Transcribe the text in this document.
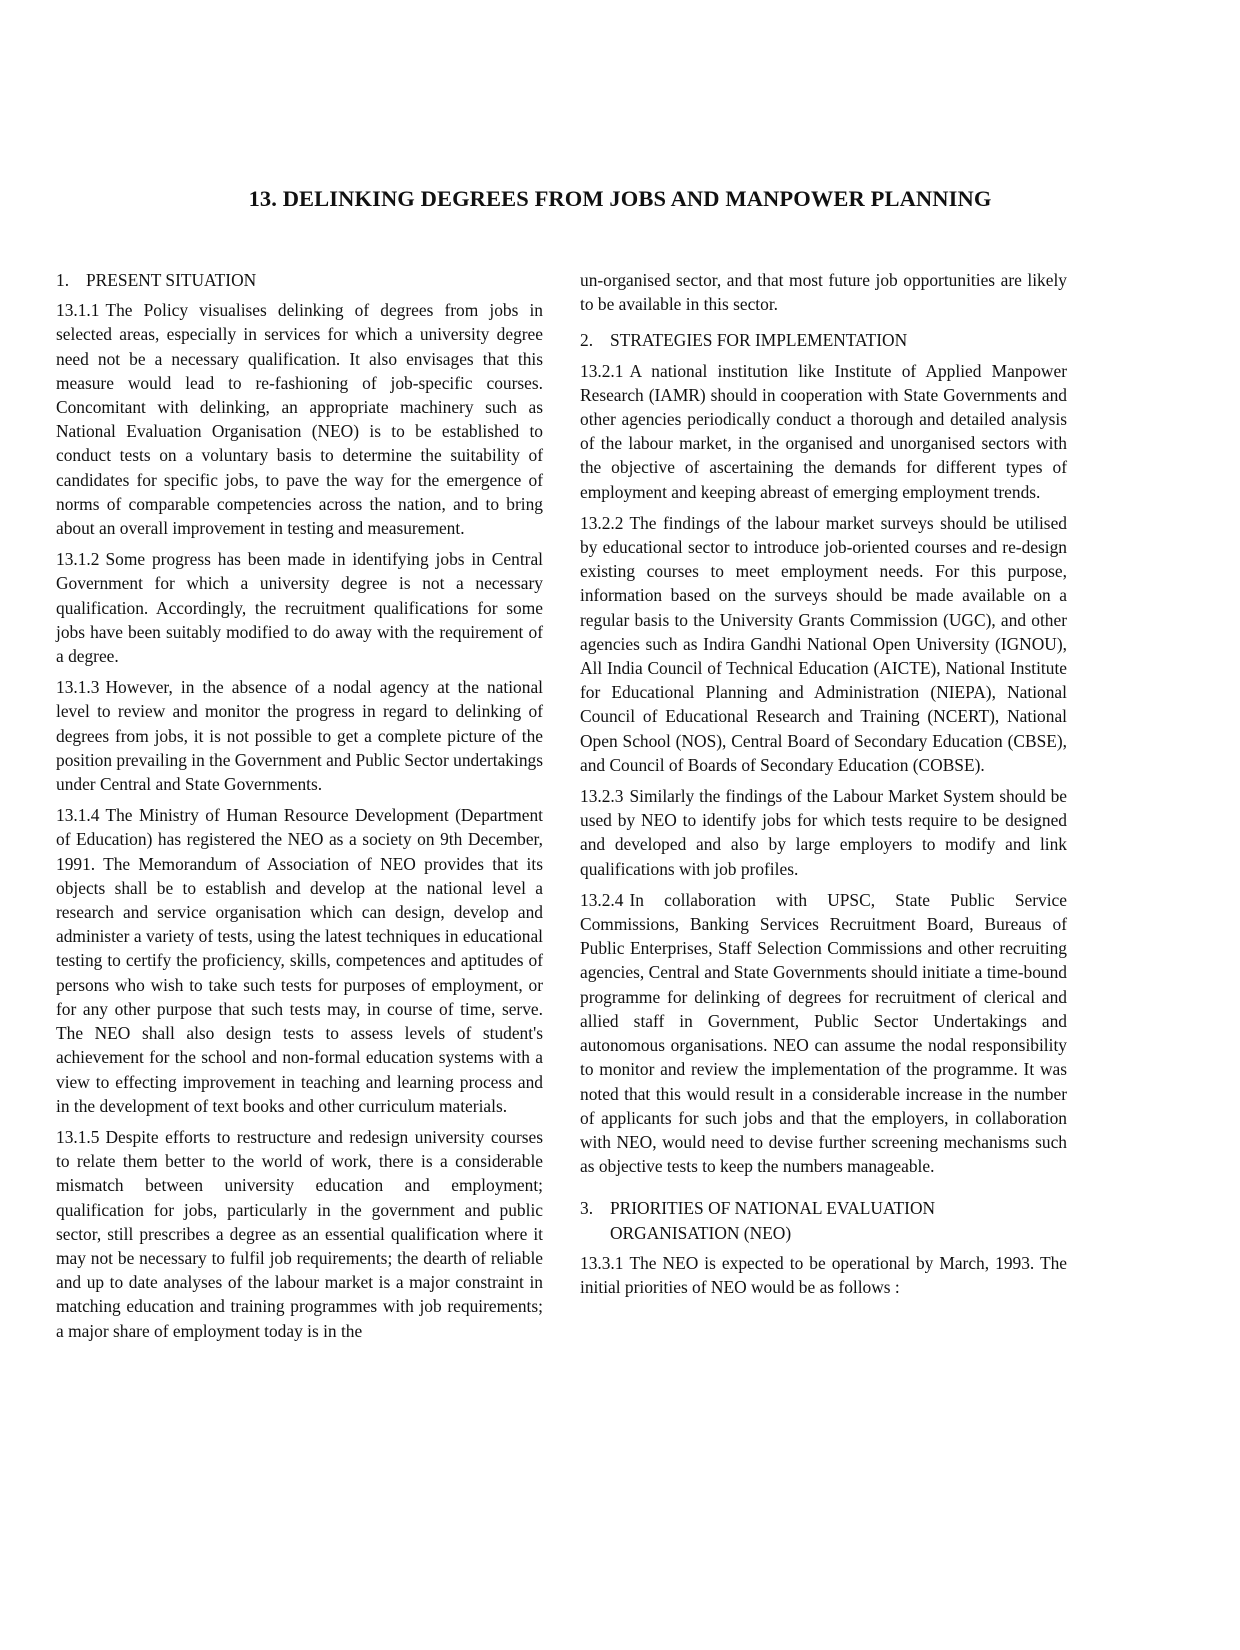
13. DELINKING DEGREES FROM JOBS AND MANPOWER PLANNING
1. PRESENT SITUATION

13.1.1 The Policy visualises delinking of degrees from jobs in selected areas, especially in services for which a university degree need not be a necessary qualification. It also envisages that this measure would lead to re-fashioning of job-specific courses. Concomitant with delinking, an appropriate machinery such as National Evaluation Organisation (NEO) is to be established to conduct tests on a voluntary basis to determine the suitability of candidates for specific jobs, to pave the way for the emergence of norms of comparable competencies across the nation, and to bring about an overall improvement in testing and measurement.

13.1.2 Some progress has been made in identifying jobs in Central Government for which a university degree is not a necessary qualification. Accordingly, the recruitment qualifications for some jobs have been suitably modified to do away with the requirement of a degree.

13.1.3 However, in the absence of a nodal agency at the national level to review and monitor the progress in regard to delinking of degrees from jobs, it is not possible to get a complete picture of the position prevailing in the Government and Public Sector undertakings under Central and State Governments.

13.1.4 The Ministry of Human Resource Development (Department of Education) has registered the NEO as a society on 9th December, 1991. The Memorandum of Association of NEO provides that its objects shall be to establish and develop at the national level a research and service organisation which can design, develop and administer a variety of tests, using the latest techniques in educational testing to certify the proficiency, skills, competences and aptitudes of persons who wish to take such tests for purposes of employment, or for any other purpose that such tests may, in course of time, serve. The NEO shall also design tests to assess levels of student's achievement for the school and non-formal education systems with a view to effecting improvement in teaching and learning process and in the development of text books and other curriculum materials.

13.1.5 Despite efforts to restructure and redesign university courses to relate them better to the world of work, there is a considerable mismatch between university education and employment; qualification for jobs, particularly in the government and public sector, still prescribes a degree as an essential qualification where it may not be necessary to fulfil job requirements; the dearth of reliable and up to date analyses of the labour market is a major constraint in matching education and training programmes with job requirements; a major share of employment today is in the

un-organised sector, and that most future job opportunities are likely to be available in this sector.

2. STRATEGIES FOR IMPLEMENTATION

13.2.1 A national institution like Institute of Applied Manpower Research (IAMR) should in cooperation with State Governments and other agencies periodically conduct a thorough and detailed analysis of the labour market, in the organised and unorganised sectors with the objective of ascertaining the demands for different types of employment and keeping abreast of emerging employment trends.

13.2.2 The findings of the labour market surveys should be utilised by educational sector to introduce job-oriented courses and re-design existing courses to meet employment needs. For this purpose, information based on the surveys should be made available on a regular basis to the University Grants Commission (UGC), and other agencies such as Indira Gandhi National Open University (IGNOU), All India Council of Technical Education (AICTE), National Institute for Educational Planning and Administration (NIEPA), National Council of Educational Research and Training (NCERT), National Open School (NOS), Central Board of Secondary Education (CBSE), and Council of Boards of Secondary Education (COBSE).

13.2.3 Similarly the findings of the Labour Market System should be used by NEO to identify jobs for which tests require to be designed and developed and also by large employers to modify and link qualifications with job profiles.

13.2.4 In collaboration with UPSC, State Public Service Commissions, Banking Services Recruitment Board, Bureaus of Public Enterprises, Staff Selection Commissions and other recruiting agencies, Central and State Governments should initiate a time-bound programme for delinking of degrees for recruitment of clerical and allied staff in Government, Public Sector Undertakings and autonomous organisations. NEO can assume the nodal responsibility to monitor and review the implementation of the programme. It was noted that this would result in a considerable increase in the number of applicants for such jobs and that the employers, in collaboration with NEO, would need to devise further screening mechanisms such as objective tests to keep the numbers manageable.

3. PRIORITIES OF NATIONAL EVALUATION ORGANISATION (NEO)

13.3.1 The NEO is expected to be operational by March, 1993. The initial priorities of NEO would be as follows :
